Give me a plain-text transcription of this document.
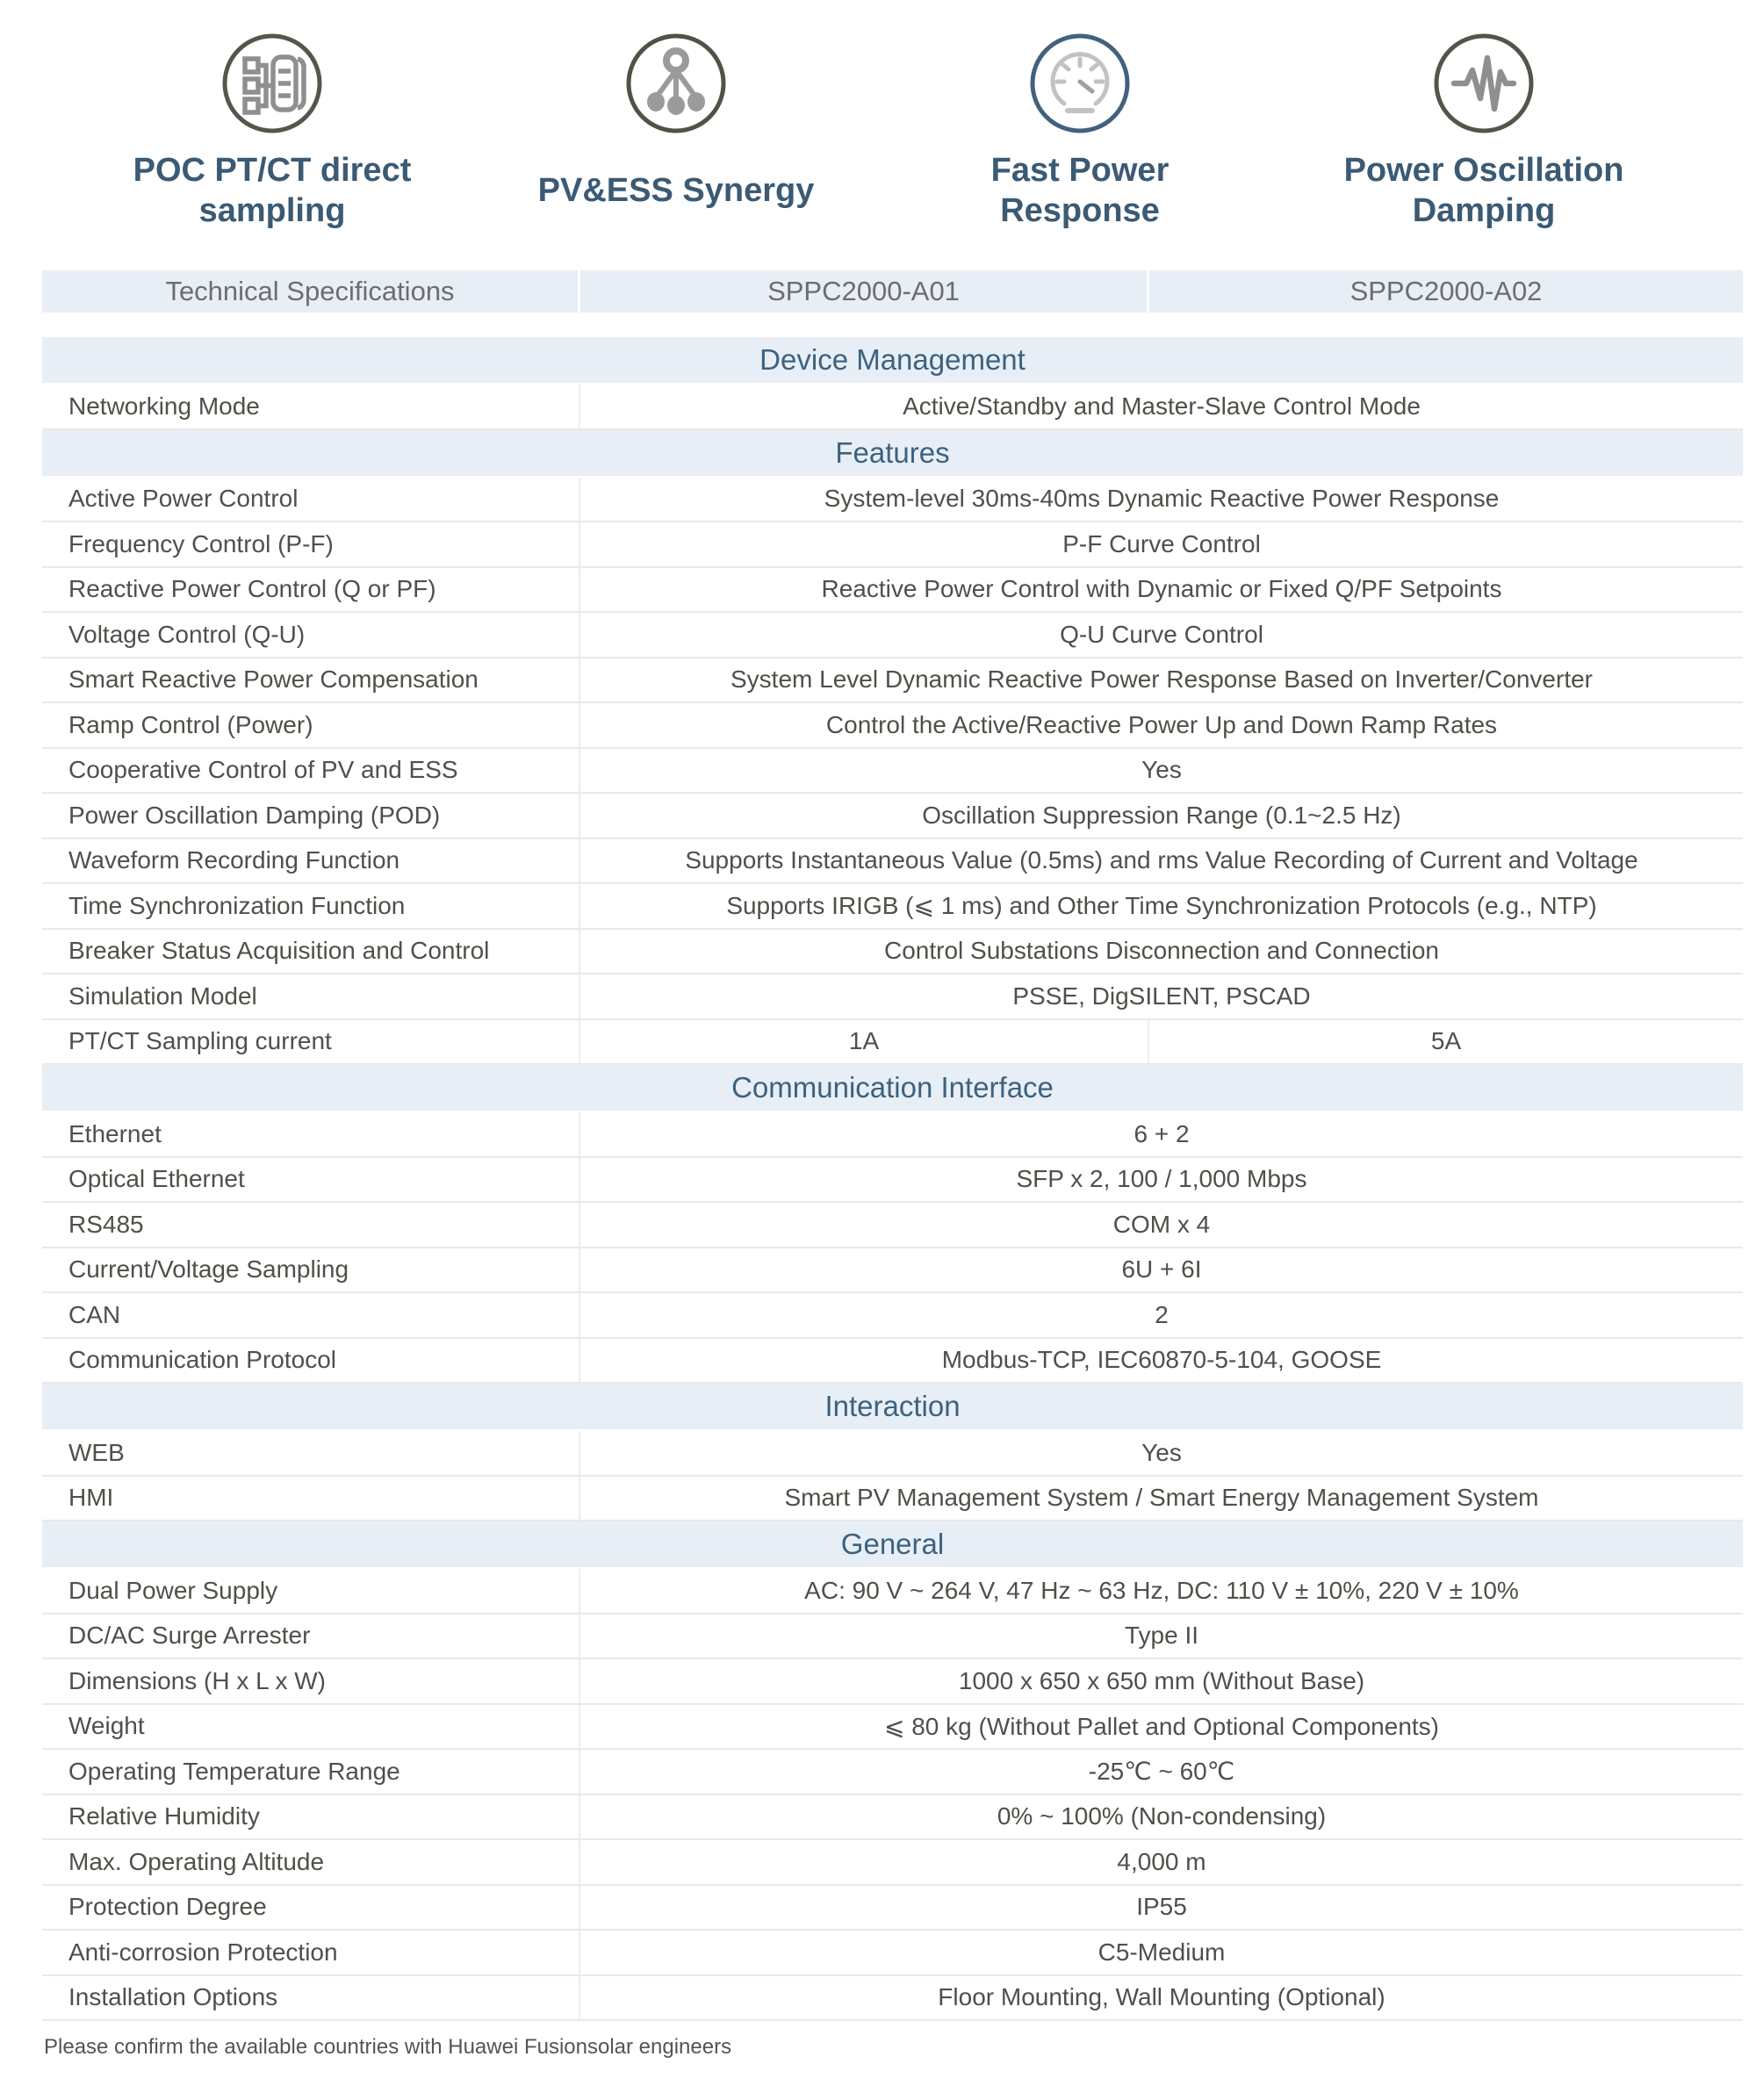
POC PT/CT direct sampling
PV&ESS Synergy
Fast Power Response
Power Oscillation Damping
Technical Specifications	SPPC2000-A01	SPPC2000-A02
Device Management
Networking Mode	Active/Standby and Master-Slave Control Mode
Features
Active Power Control	System-level 30ms-40ms Dynamic Reactive Power Response
Frequency Control (P-F)	P-F Curve Control
Reactive Power Control (Q or PF)	Reactive Power Control with Dynamic or Fixed Q/PF Setpoints
Voltage Control (Q-U)	Q-U Curve Control
Smart Reactive Power Compensation	System Level Dynamic Reactive Power Response Based on Inverter/Converter
Ramp Control (Power)	Control the Active/Reactive Power Up and Down Ramp Rates
Cooperative Control of PV and ESS	Yes
Power Oscillation Damping (POD)	Oscillation Suppression Range (0.1~2.5 Hz)
Waveform Recording Function	Supports Instantaneous Value (0.5ms) and rms Value Recording of Current and Voltage
Time Synchronization Function	Supports IRIGB (⩽ 1 ms) and Other Time Synchronization Protocols (e.g., NTP)
Breaker Status Acquisition and Control	Control Substations Disconnection and Connection
Simulation Model	PSSE, DigSILENT, PSCAD
PT/CT Sampling current	1A	5A
Communication Interface
Ethernet	6 + 2
Optical Ethernet	SFP x 2, 100 / 1,000 Mbps
RS485	COM x 4
Current/Voltage Sampling	6U + 6I
CAN	2
Communication Protocol	Modbus-TCP, IEC60870-5-104, GOOSE
Interaction
WEB	Yes
HMI	Smart PV Management System / Smart Energy Management System
General
Dual Power Supply	AC: 90 V ~ 264 V, 47 Hz ~ 63 Hz, DC: 110 V ± 10%, 220 V ± 10%
DC/AC Surge Arrester	Type II
Dimensions (H x L x W)	1000 x 650 x 650 mm (Without Base)
Weight	⩽ 80 kg (Without Pallet and Optional Components)
Operating Temperature Range	-25℃ ~ 60℃
Relative Humidity	0% ~ 100% (Non-condensing)
Max. Operating Altitude	4,000 m
Protection Degree	IP55
Anti-corrosion Protection	C5-Medium
Installation Options	Floor Mounting, Wall Mounting (Optional)
Please confirm the available countries with Huawei Fusionsolar engineers
